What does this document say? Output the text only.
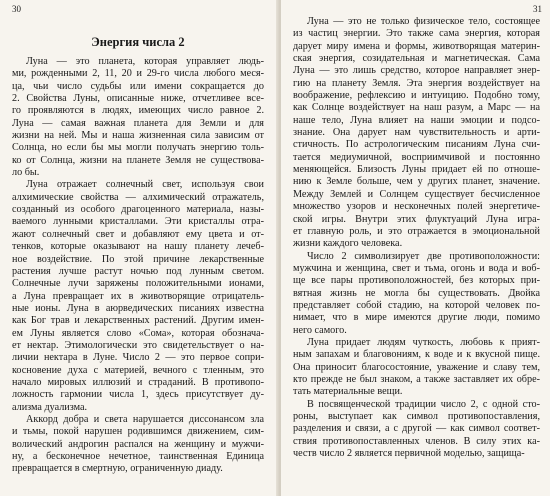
30
Энергия числа 2
Луна — это планета, которая управляет людь-
ми, рожденными 2, 11, 20 и 29-го числа любого меся-
ца, чьи число судьбы или имени сокращается до
2. Свойства Луны, описанные ниже, отчетливее все-
го проявляются в людях, имеющих число равное 2.
Луна — самая важная планета для Земли и для
жизни на ней. Мы и наша жизненная сила зависим от
Солнца, но если бы мы могли получать энергию толь-
ко от Солнца, жизни на планете Земля не существова-
ло бы.
Луна отражает солнечный свет, используя свои
алхимические свойства — алхимический отражатель,
созданный из особого драгоценного материала, назы-
ваемого лунными кристаллами. Эти кристаллы отра-
жают солнечный свет и добавляют ему цвета и от-
тенков, которые оказывают на нашу планету лечеб-
ное воздействие. По этой причине лекарственные
растения лучше растут ночью под лунным светом.
Солнечные лучи заряжены положительными ионами,
а Луна превращает их в животворящие отрицатель-
ные ионы. Луна в аюрведических писаниях известна
как Бог трав и лекарственных растений. Другим имен-
ем Луны является слово «Сома», которая обознача-
ет нектар. Этимологически это свидетельствует о на-
личии нектара в Луне. Число 2 — это первое сопри-
косновение духа с материей, вечного с тленным, это
начало мировых иллюзий и страданий. В противопо-
ложность гармонии числа 1, здесь присутствует ду-
ализма дуализма.
Аккорд добра и света нарушается диссонансом зла
и тьмы, покой нарушен родившимся движением, сим-
волический андрогин распался на женщину и мужчи-
ну, а бесконечное нечетное, таинственная Единица
превращается в смертную, ограниченную диаду.
31
Луна — это не только физическое тело, состоящее
из частиц энергии. Это также сама энергия, которая
дарует миру имена и формы, животворящая материн-
ская энергия, созидательная и магнетическая. Сама
Луна — это лишь средство, которое направляет энер-
гию на планету Земля. Эта энергия воздействует на
воображение, рефлексию и интуицию. Подобно тому,
как Солнце воздействует на наш разум, а Марс — на
наше тело, Луна влияет на наши эмоции и подсо-
знание. Она дарует нам чувствительность и арти-
стичность. По астрологическим писаниям Луна счи-
тается медиумичной, восприимчивой и постоянно
меняющейся. Близость Луны придает ей по отноше-
нию к Земле больше, чем у других планет, значение.
Между Землей и Солнцем существует бесчисленное
множество узоров и несконечных полей энергетиче-
ской игры. Внутри этих флуктуаций Луна игра-
ет главную роль, и это отражается в эмоциональной
жизни каждого человека.
Число 2 символизирует две противоположности:
мужчина и женщина, свет и тьма, огонь и вода и воб-
ще все пары противоположностей, без которых при-
вятная жизнь не могла бы существовать. Двойка
представляет собой стадию, на которой человек по-
нимает, что в мире имеются другие люди, помимо
него самого.
Луна придает людям чуткость, любовь к прият-
ным запахам и благовониям, к воде и к вкусной пище.
Она приносит благосостояние, уважение и славу тем,
кто прежде не был знаком, а также заставляет их обре-
тать материальные вещи.
В посвященческой традиции число 2, с одной сто-
роны, выступает как символ противопоставления,
разделения и связи, а с другой — как символ соответ-
ствия противопоставленных членов. В силу этих ка-
честв число 2 является первичной моделью, защища-
